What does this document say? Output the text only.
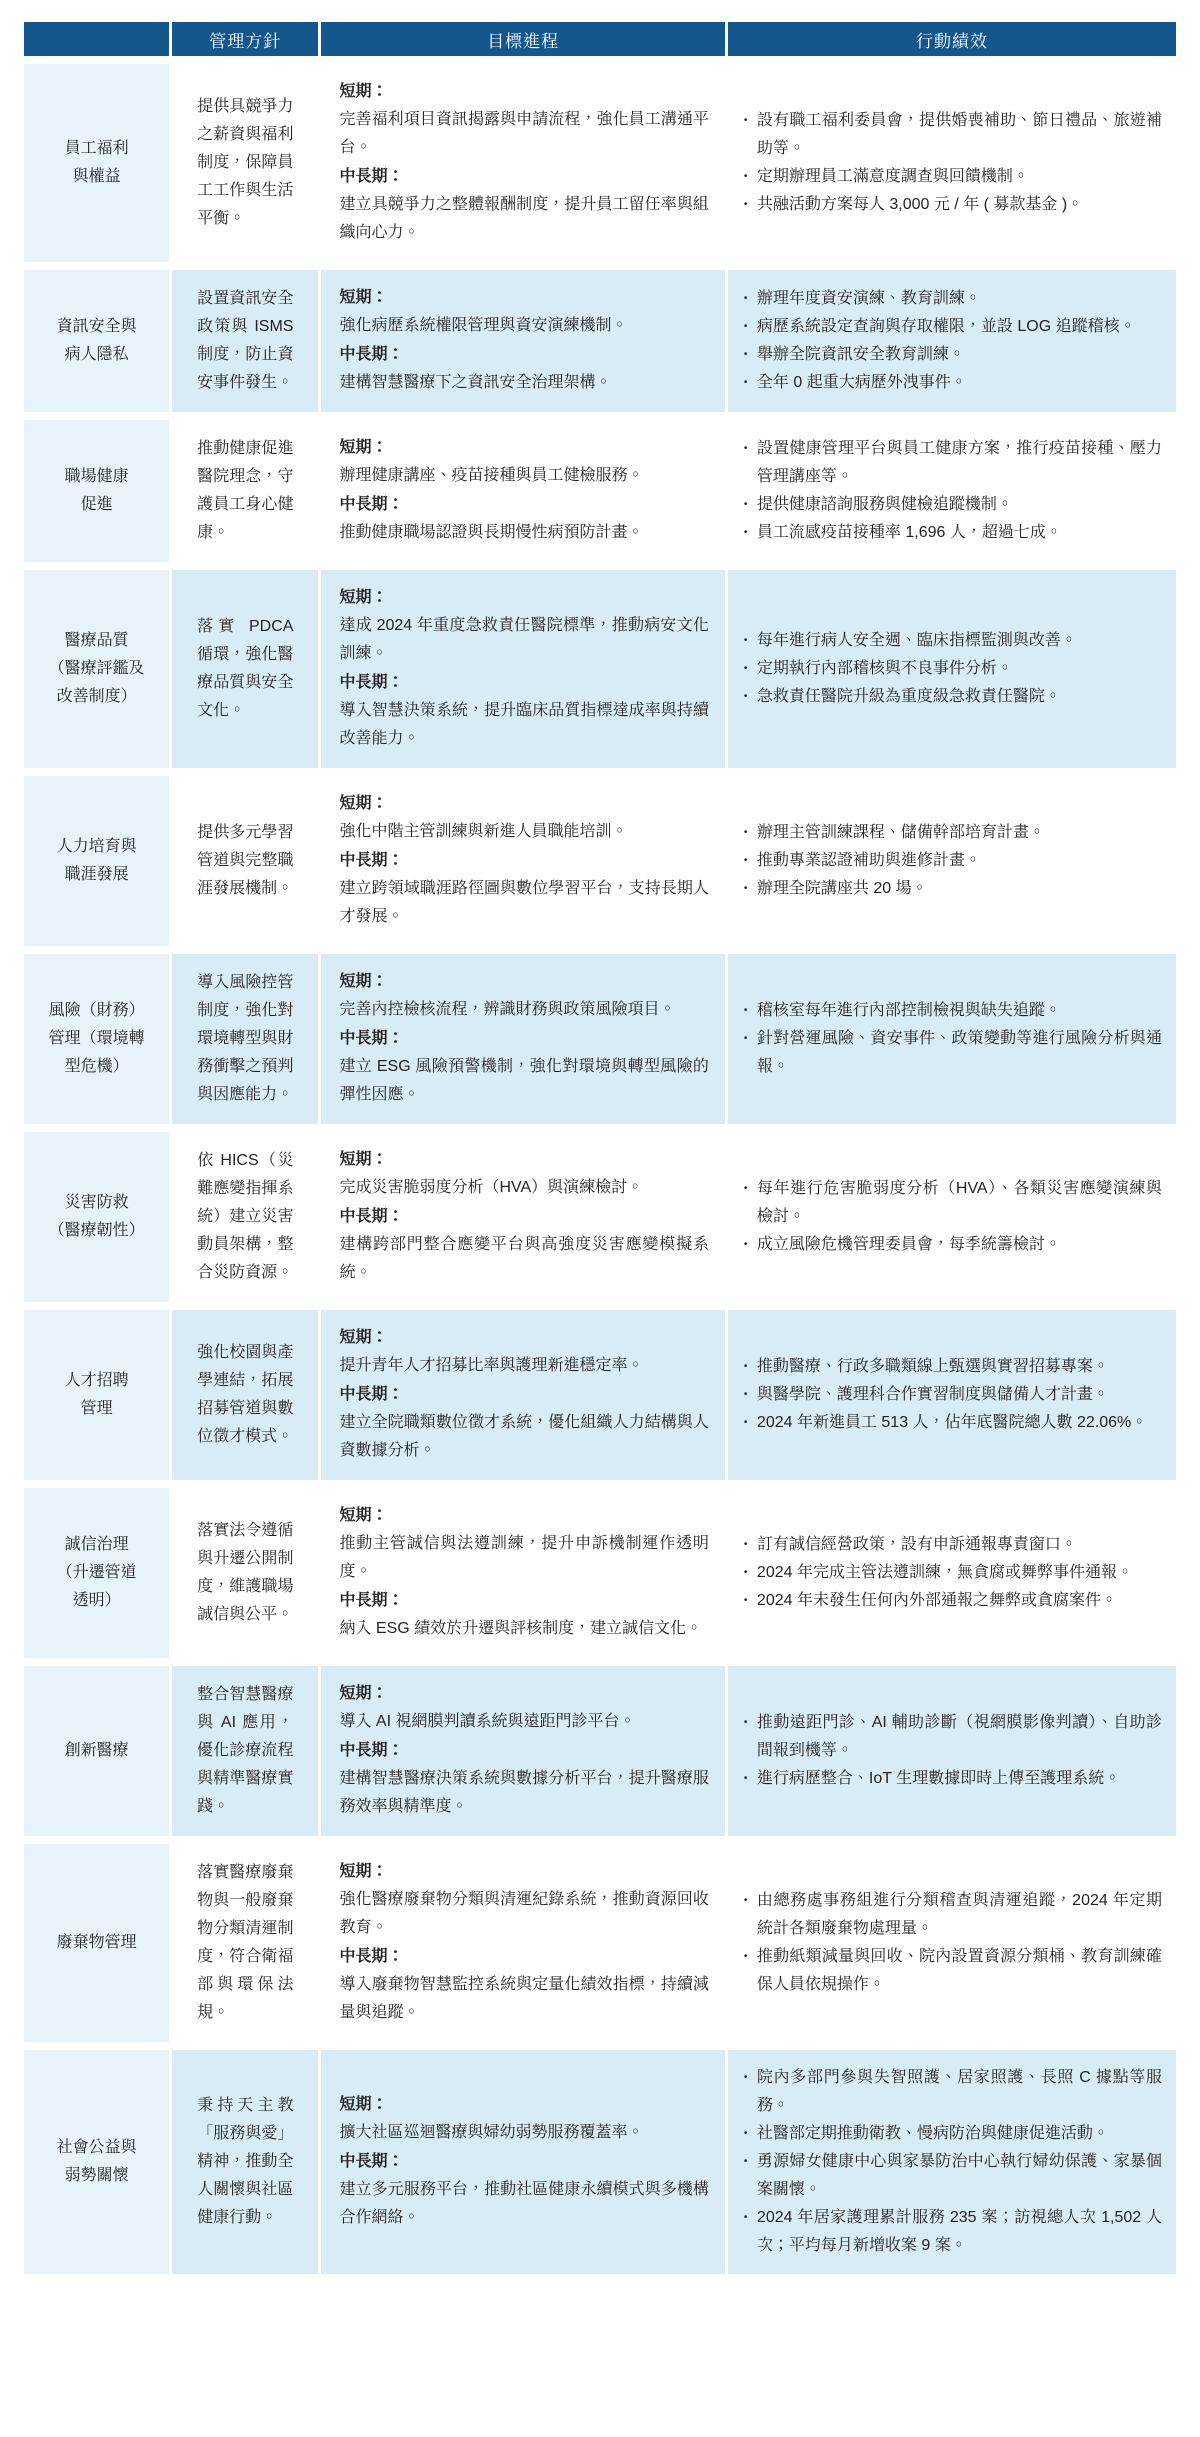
	管理方針	目標進程	行動績效

員工福利
與權益
	提供具競爭力之薪資與福利制度，保障員工工作與生活平衡。	
短期：
完善福利項目資訊揭露與申請流程，強化員工溝通平台。
中長期：
建立具競爭力之整體報酬制度，提升員工留任率與組織向心力。

• 設有職工福利委員會，提供婚喪補助、節日禮品、旅遊補助等。
• 定期辦理員工滿意度調查與回饋機制。
• 共融活動方案每人 3,000 元 / 年 ( 募款基金 )。

資訊安全與
病人隱私
	設置資訊安全政策與 ISMS 制度，防止資安事件發生。	
短期：
強化病歷系統權限管理與資安演練機制。
中長期：
建構智慧醫療下之資訊安全治理架構。

• 辦理年度資安演練、教育訓練。
• 病歷系統設定查詢與存取權限，並設 LOG 追蹤稽核。
• 舉辦全院資訊安全教育訓練。
• 全年 0 起重大病歷外洩事件。

職場健康
促進
	推動健康促進醫院理念，守護員工身心健康。	
短期：
辦理健康講座、疫苗接種與員工健檢服務。
中長期：
推動健康職場認證與長期慢性病預防計畫。

• 設置健康管理平台與員工健康方案，推行疫苗接種、壓力管理講座等。
• 提供健康諮詢服務與健檢追蹤機制。
• 員工流感疫苗接種率 1,696 人，超過七成。

醫療品質
（醫療評鑑及
改善制度）
	落實 PDCA 循環，強化醫療品質與安全文化。	
短期：
達成 2024 年重度急救責任醫院標準，推動病安文化訓練。
中長期：
導入智慧決策系統，提升臨床品質指標達成率與持續改善能力。

• 每年進行病人安全週、臨床指標監測與改善。
• 定期執行內部稽核與不良事件分析。
• 急救責任醫院升級為重度級急救責任醫院。

人力培育與
職涯發展
	提供多元學習管道與完整職涯發展機制。	
短期：
強化中階主管訓練與新進人員職能培訓。
中長期：
建立跨領域職涯路徑圖與數位學習平台，支持長期人才發展。

• 辦理主管訓練課程、儲備幹部培育計畫。
• 推動專業認證補助與進修計畫。
• 辦理全院講座共 20 場。

風險（財務）
管理（環境轉
型危機）
	導入風險控管制度，強化對環境轉型與財務衝擊之預判與因應能力。	
短期：
完善內控檢核流程，辨識財務與政策風險項目。
中長期：
建立 ESG 風險預警機制，強化對環境與轉型風險的彈性因應。

• 稽核室每年進行內部控制檢視與缺失追蹤。
• 針對營運風險、資安事件、政策變動等進行風險分析與通報。

災害防救
（醫療韌性）
	依 HICS（災難應變指揮系統）建立災害動員架構，整合災防資源。	
短期：
完成災害脆弱度分析（HVA）與演練檢討。
中長期：
建構跨部門整合應變平台與高強度災害應變模擬系統。

• 每年進行危害脆弱度分析（HVA）、各類災害應變演練與檢討。
• 成立風險危機管理委員會，每季統籌檢討。

人才招聘
管理
	強化校園與產學連結，拓展招募管道與數位徵才模式。	
短期：
提升青年人才招募比率與護理新進穩定率。
中長期：
建立全院職類數位徵才系統，優化組織人力結構與人資數據分析。

• 推動醫療、行政多職類線上甄選與實習招募專案。
• 與醫學院、護理科合作實習制度與儲備人才計畫。
• 2024 年新進員工 513 人，佔年底醫院總人數 22.06%。

誠信治理
（升遷管道
透明）
	落實法令遵循與升遷公開制度，維護職場誠信與公平。	
短期：
推動主管誠信與法遵訓練，提升申訴機制運作透明度。
中長期：
納入 ESG 績效於升遷與評核制度，建立誠信文化。

• 訂有誠信經營政策，設有申訴通報專責窗口。
• 2024 年完成主管法遵訓練，無貪腐或舞弊事件通報。
• 2024 年未發生任何內外部通報之舞弊或貪腐案件。

創新醫療
	整合智慧醫療與 AI 應用，優化診療流程與精準醫療實踐。	
短期：
導入 AI 視網膜判讀系統與遠距門診平台。
中長期：
建構智慧醫療決策系統與數據分析平台，提升醫療服務效率與精準度。

• 推動遠距門診、AI 輔助診斷（視網膜影像判讀）、自助診間報到機等。
• 進行病歷整合、IoT 生理數據即時上傳至護理系統。

廢棄物管理
	落實醫療廢棄物與一般廢棄物分類清運制度，符合衛福部與環保法規。	
短期：
強化醫療廢棄物分類與清運紀錄系統，推動資源回收教育。
中長期：
導入廢棄物智慧監控系統與定量化績效指標，持續減量與追蹤。

• 由總務處事務組進行分類稽查與清運追蹤，2024 年定期統計各類廢棄物處理量。
• 推動紙類減量與回收、院內設置資源分類桶、教育訓練確保人員依規操作。

社會公益與
弱勢關懷
	秉持天主教「服務與愛」精神，推動全人關懷與社區健康行動。	
短期：
擴大社區巡迴醫療與婦幼弱勢服務覆蓋率。
中長期：
建立多元服務平台，推動社區健康永續模式與多機構合作網絡。

• 院內多部門參與失智照護、居家照護、長照 C 據點等服務。
• 社醫部定期推動衛教、慢病防治與健康促進活動。
• 勇源婦女健康中心與家暴防治中心執行婦幼保護、家暴個案關懷。
• 2024 年居家護理累計服務 235 案；訪視總人次 1,502 人次；平均每月新增收案 9 案。
